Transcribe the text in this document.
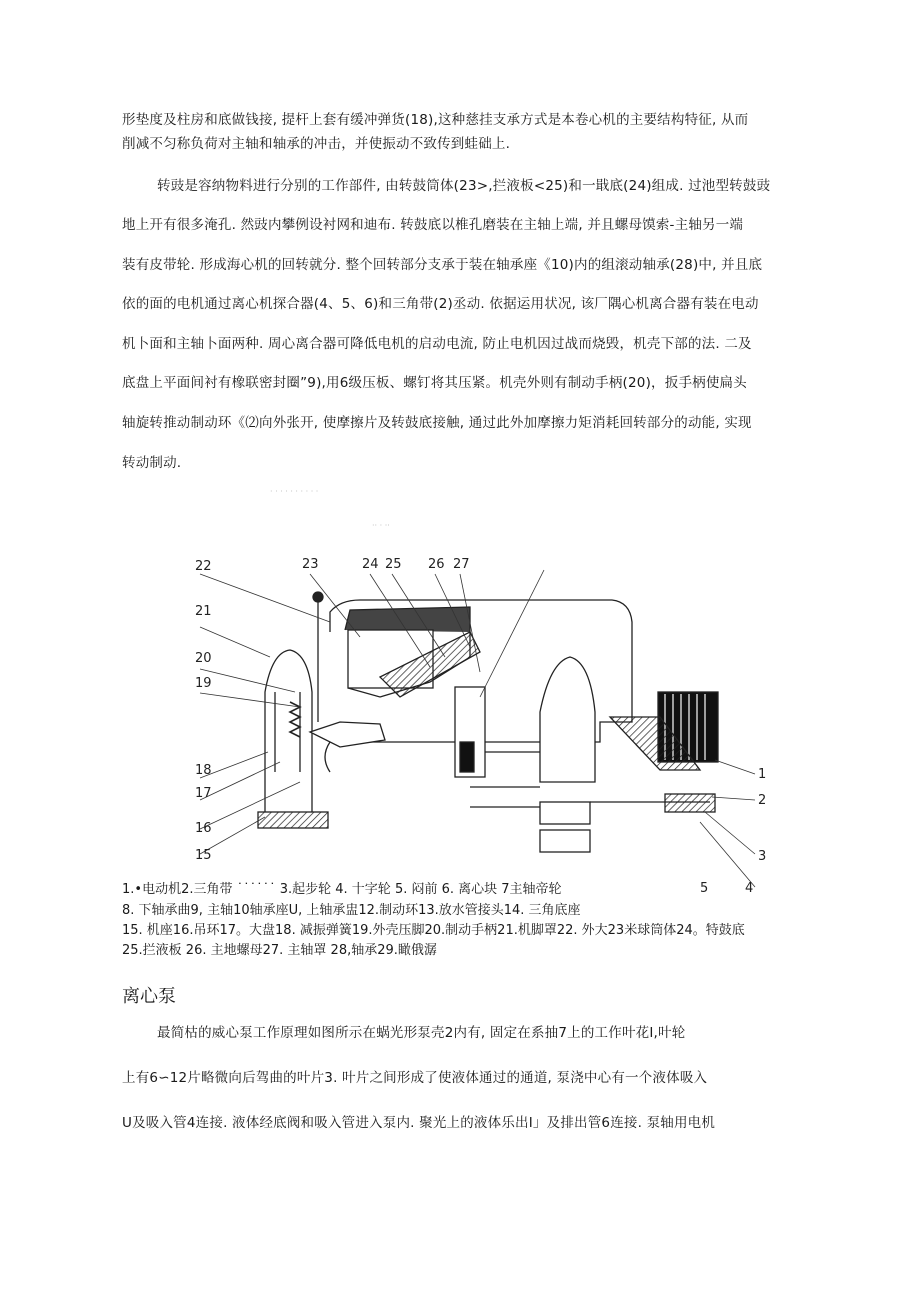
形垫度及柱房和底做钱接, 提杆上套有缓冲弹货(18),这种慈挂支承方式是本卷心机的主要结构特征, 从而
削减不匀称负荷对主轴和轴承的冲击，并使振动不致传到蛙础上.
转豉是容纳物料进行分别的工作部件, 由转鼓筒体(23>,拦液板<25)和一戢底(24)组成. 过池型转鼓豉
地上开有很多淹孔. 然豉内攀例设衬网和迪布. 转鼓底以椎孔磨装在主轴上端, 并且螺母馍索-主轴另一端
装有皮带轮. 形成海心机的回转就分. 整个回转部分支承于装在轴承座《10)内的组滚动轴承(28)中, 并且底
依的面的电机通过离心机探合器(4、5、6)和三角带(2)丞动. 依据运用状况, 该厂隅心机离合器有装在电动
机卜面和主轴卜面两种. 周心离合器可降低电机的启动电流, 防止电机因过战而烧毁，机壳下部的法. 二及
底盘上平面间衬有橡联密封圈”9),用6级压板、螺钉将其压紧。机壳外则有制动手柄(20)，扳手柄使扁头
轴旋转推动制动环《⑵向外张开, 使摩擦片及转鼓底接触, 通过此外加摩擦力矩消耗回转部分的动能, 实现
转动制动.
· · · · · · · · · ·
·· · ··
22
21
20
19
18
17
16
15
23	24 25 26 27
1
2
3
4
5
1.•电动机2.三角带 ˙˙˙˙˙˙ 3.起步轮 4. 十字轮 5. 闷前 6. 离心块 7主轴帝轮
8. 下轴承曲9, 主轴10轴承座U, 上轴承盅12.制动环13.放水管接头14. 三角底座
15. 机座16.吊环17。大盘18. 减振弹簧19.外壳压脚20.制动手柄21.机脚罩22. 外大23米球筒体24。特鼓底
25.拦液板 26. 主地螺母27. 主轴罩 28,轴承29.瞰俄潺
离心泵
最简枯的威心泵工作原理如图所示在蜗光形泵壳2内有, 固定在系抽7上的工作叶花I,叶轮
上有6∽12片略微向后驾曲的叶片3. 叶片之间形成了使液体通过的通道, 泵浇中心有一个液体吸入
U及吸入管4连接. 液体经底阀和吸入管进入泵内. 聚光上的液体乐出I」及排出管6连接. 泵轴用电机
